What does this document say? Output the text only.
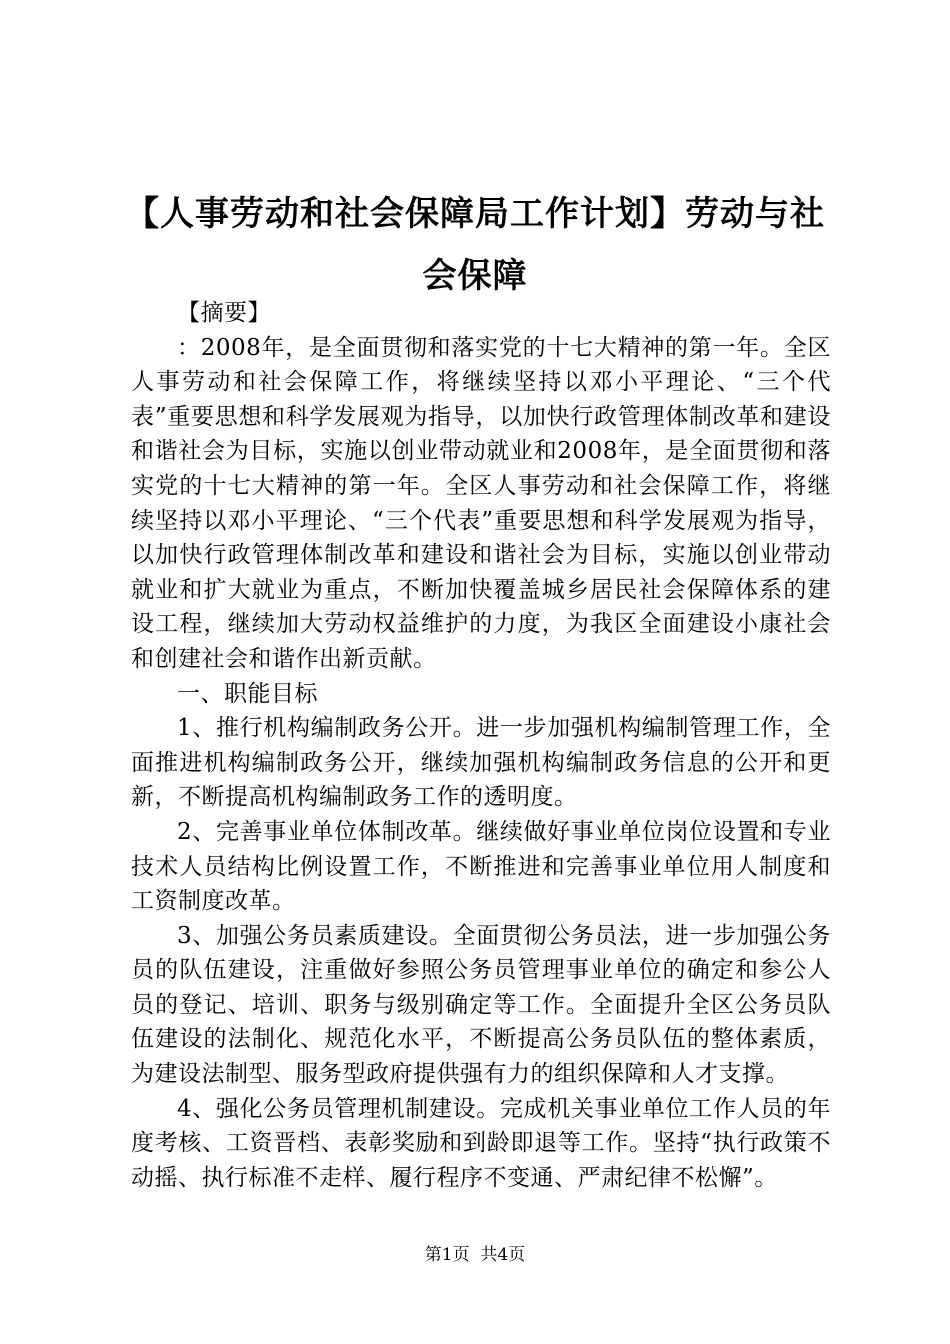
【人事劳动和社会保障局工作计划】劳动与社会保障

【摘要】

：2008年，是全面贯彻和落实党的十七大精神的第一年。全区人事劳动和社会保障工作，将继续坚持以邓小平理论、“三个代表”重要思想和科学发展观为指导，以加快行政管理体制改革和建设和谐社会为目标，实施以创业带动就业和2008年，是全面贯彻和落实党的十七大精神的第一年。全区人事劳动和社会保障工作，将继续坚持以邓小平理论、“三个代表”重要思想和科学发展观为指导，以加快行政管理体制改革和建设和谐社会为目标，实施以创业带动就业和扩大就业为重点，不断加快覆盖城乡居民社会保障体系的建设工程，继续加大劳动权益维护的力度，为我区全面建设小康社会和创建社会和谐作出新贡献。

一、职能目标

1、推行机构编制政务公开。进一步加强机构编制管理工作，全面推进机构编制政务公开，继续加强机构编制政务信息的公开和更新，不断提高机构编制政务工作的透明度。

2、完善事业单位体制改革。继续做好事业单位岗位设置和专业技术人员结构比例设置工作，不断推进和完善事业单位用人制度和工资制度改革。

3、加强公务员素质建设。全面贯彻公务员法，进一步加强公务员的队伍建设，注重做好参照公务员管理事业单位的确定和参公人员的登记、培训、职务与级别确定等工作。全面提升全区公务员队伍建设的法制化、规范化水平，不断提高公务员队伍的整体素质，为建设法制型、服务型政府提供强有力的组织保障和人才支撑。

4、强化公务员管理机制建设。完成机关事业单位工作人员的年度考核、工资晋档、表彰奖励和到龄即退等工作。坚持“执行政策不动摇、执行标准不走样、履行程序不变通、严肃纪律不松懈”。

第1页  共4页
